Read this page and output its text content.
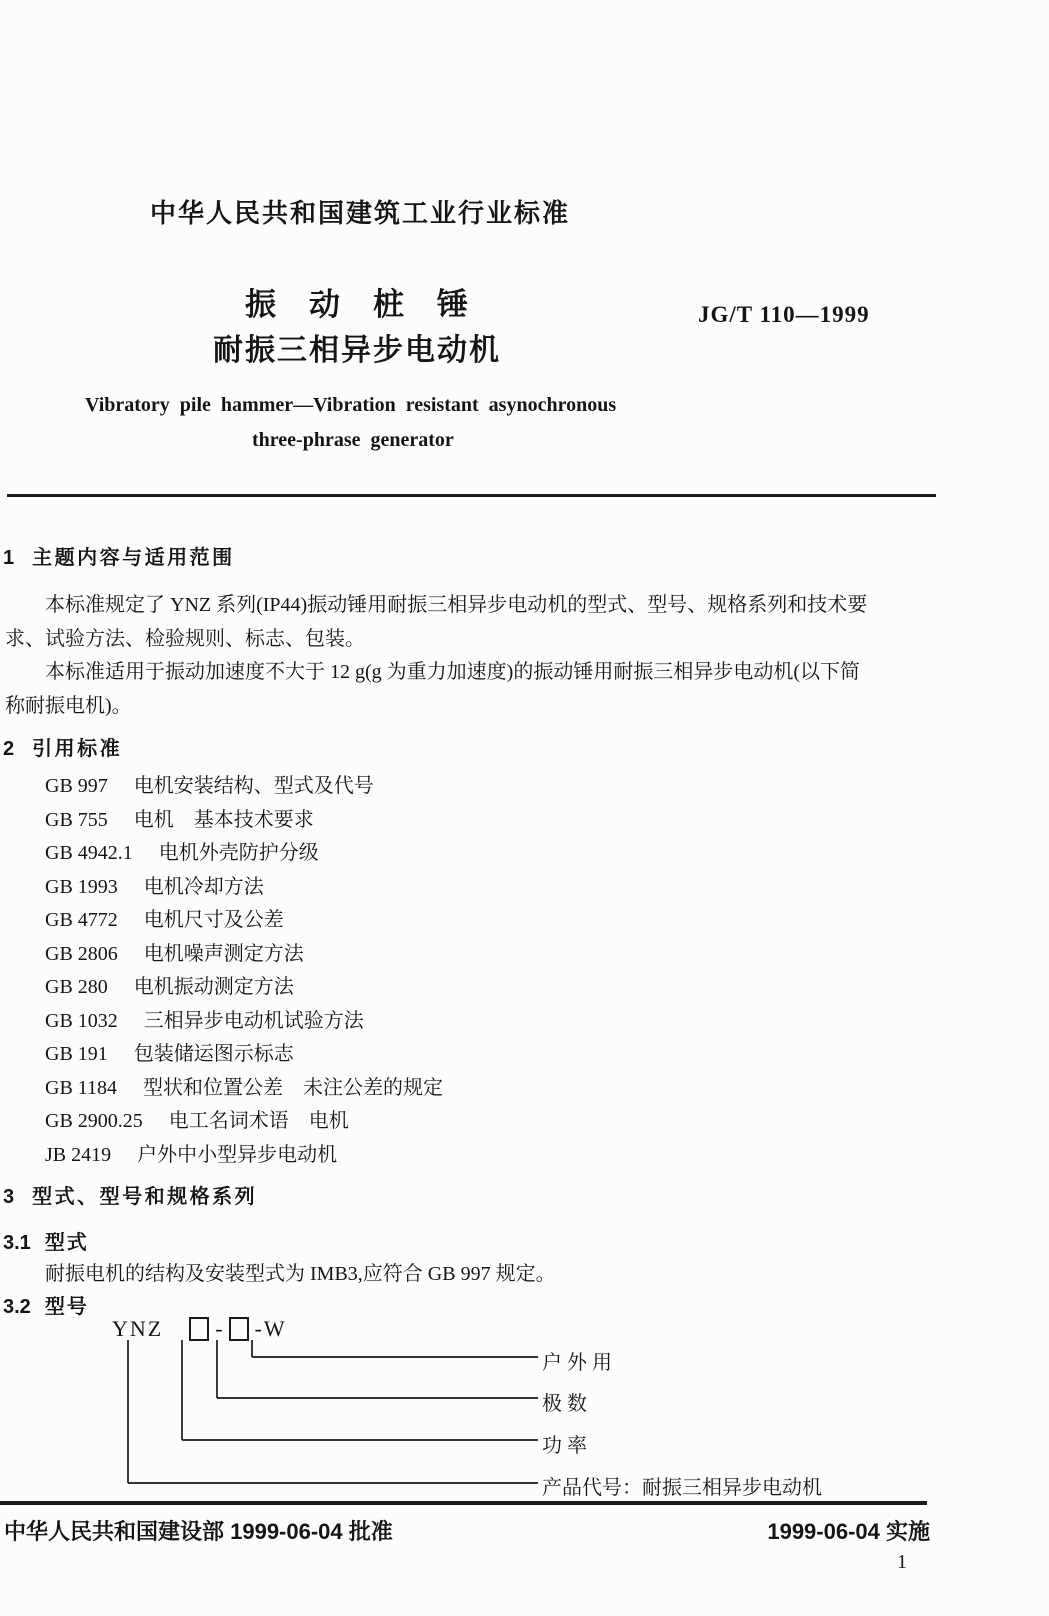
中华人民共和国建筑工业行业标准
振动桩锤
耐振三相异步电动机
JG/T 110—1999
Vibratory pile hammer—Vibration resistant asynochronous
three-phrase generator
1 主题内容与适用范围
本标准规定了 YNZ 系列(IP44)振动锤用耐振三相异步电动机的型式、型号、规格系列和技术要
求、试验方法、检验规则、标志、包装。
本标准适用于振动加速度不大于 12 g(g 为重力加速度)的振动锤用耐振三相异步电动机(以下简
称耐振电机)。
2 引用标准
GB 997 电机安装结构、型式及代号
GB 755 电机　基本技术要求
GB 4942.1 电机外壳防护分级
GB 1993 电机冷却方法
GB 4772 电机尺寸及公差
GB 2806 电机噪声测定方法
GB 280 电机振动测定方法
GB 1032 三相异步电动机试验方法
GB 191 包装储运图示标志
GB 1184 型状和位置公差　未注公差的规定
GB 2900.25 电工名词术语　电机
JB 2419 户外中小型异步电动机
3 型式、型号和规格系列
3.1 型式
耐振电机的结构及安装型式为 IMB3,应符合 GB 997 规定。
3.2 型号
YNZ - - W
户外用
极数
功率
产品代号：耐振三相异步电动机
中华人民共和国建设部 1999-06-04 批准	1999-06-04 实施
1
